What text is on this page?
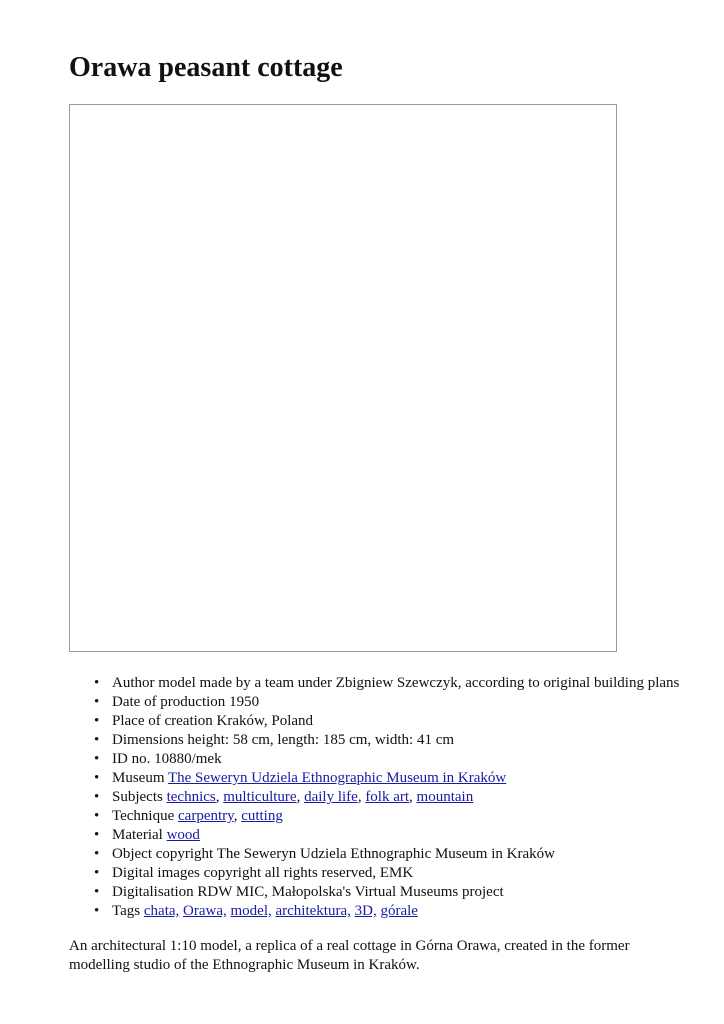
Orawa peasant cottage
• Author model made by a team under Zbigniew Szewczyk, according to original building plans
• Date of production 1950
• Place of creation Kraków, Poland
• Dimensions height: 58 cm, length: 185 cm, width: 41 cm
• ID no. 10880/mek
• Museum The Seweryn Udziela Ethnographic Museum in Kraków
• Subjects technics, multiculture, daily life, folk art, mountain
• Technique carpentry, cutting
• Material wood
• Object copyright The Seweryn Udziela Ethnographic Museum in Kraków
• Digital images copyright all rights reserved, EMK
• Digitalisation RDW MIC, Małopolska's Virtual Museums project
• Tags chata, Orawa, model, architektura, 3D, górale

An architectural 1:10 model, a replica of a real cottage in Górna Orawa, created in the former modelling studio of the Ethnographic Museum in Kraków.
